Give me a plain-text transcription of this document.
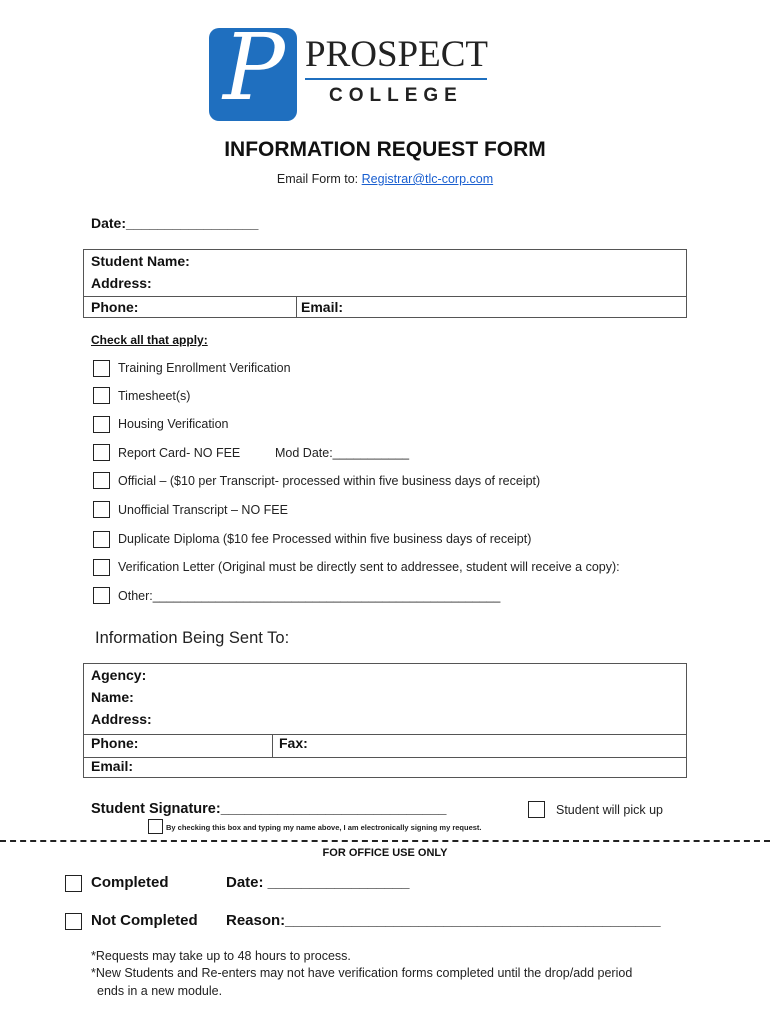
P PROSPECT
COLLEGE
INFORMATION REQUEST FORM
Email Form to: Registrar@tlc-corp.com
Date:_________________
Student Name:
Address:
Phone:	Email:
Check all that apply:
Training Enrollment Verification
Timesheet(s)
Housing Verification
Report Card- NO FEE	Mod Date:___________
Official – ($10 per Transcript- processed within five business days of receipt)
Unofficial Transcript – NO FEE
Duplicate Diploma ($10 fee Processed within five business days of receipt)
Verification Letter (Original must be directly sent to addressee, student will receive a copy):
Other:__________________________________________________
Information Being Sent To:
Agency:
Name:
Address:
Phone:	Fax:
Email:
Student Signature:____________________________	Student will pick up
By checking this box and typing my name above, I am electronically signing my request.
FOR OFFICE USE ONLY
Completed	Date: _________________
Not Completed Reason:_____________________________________________
*Requests may take up to 48 hours to process.
*New Students and Re-enters may not have verification forms completed until the drop/add period
ends in a new module.
